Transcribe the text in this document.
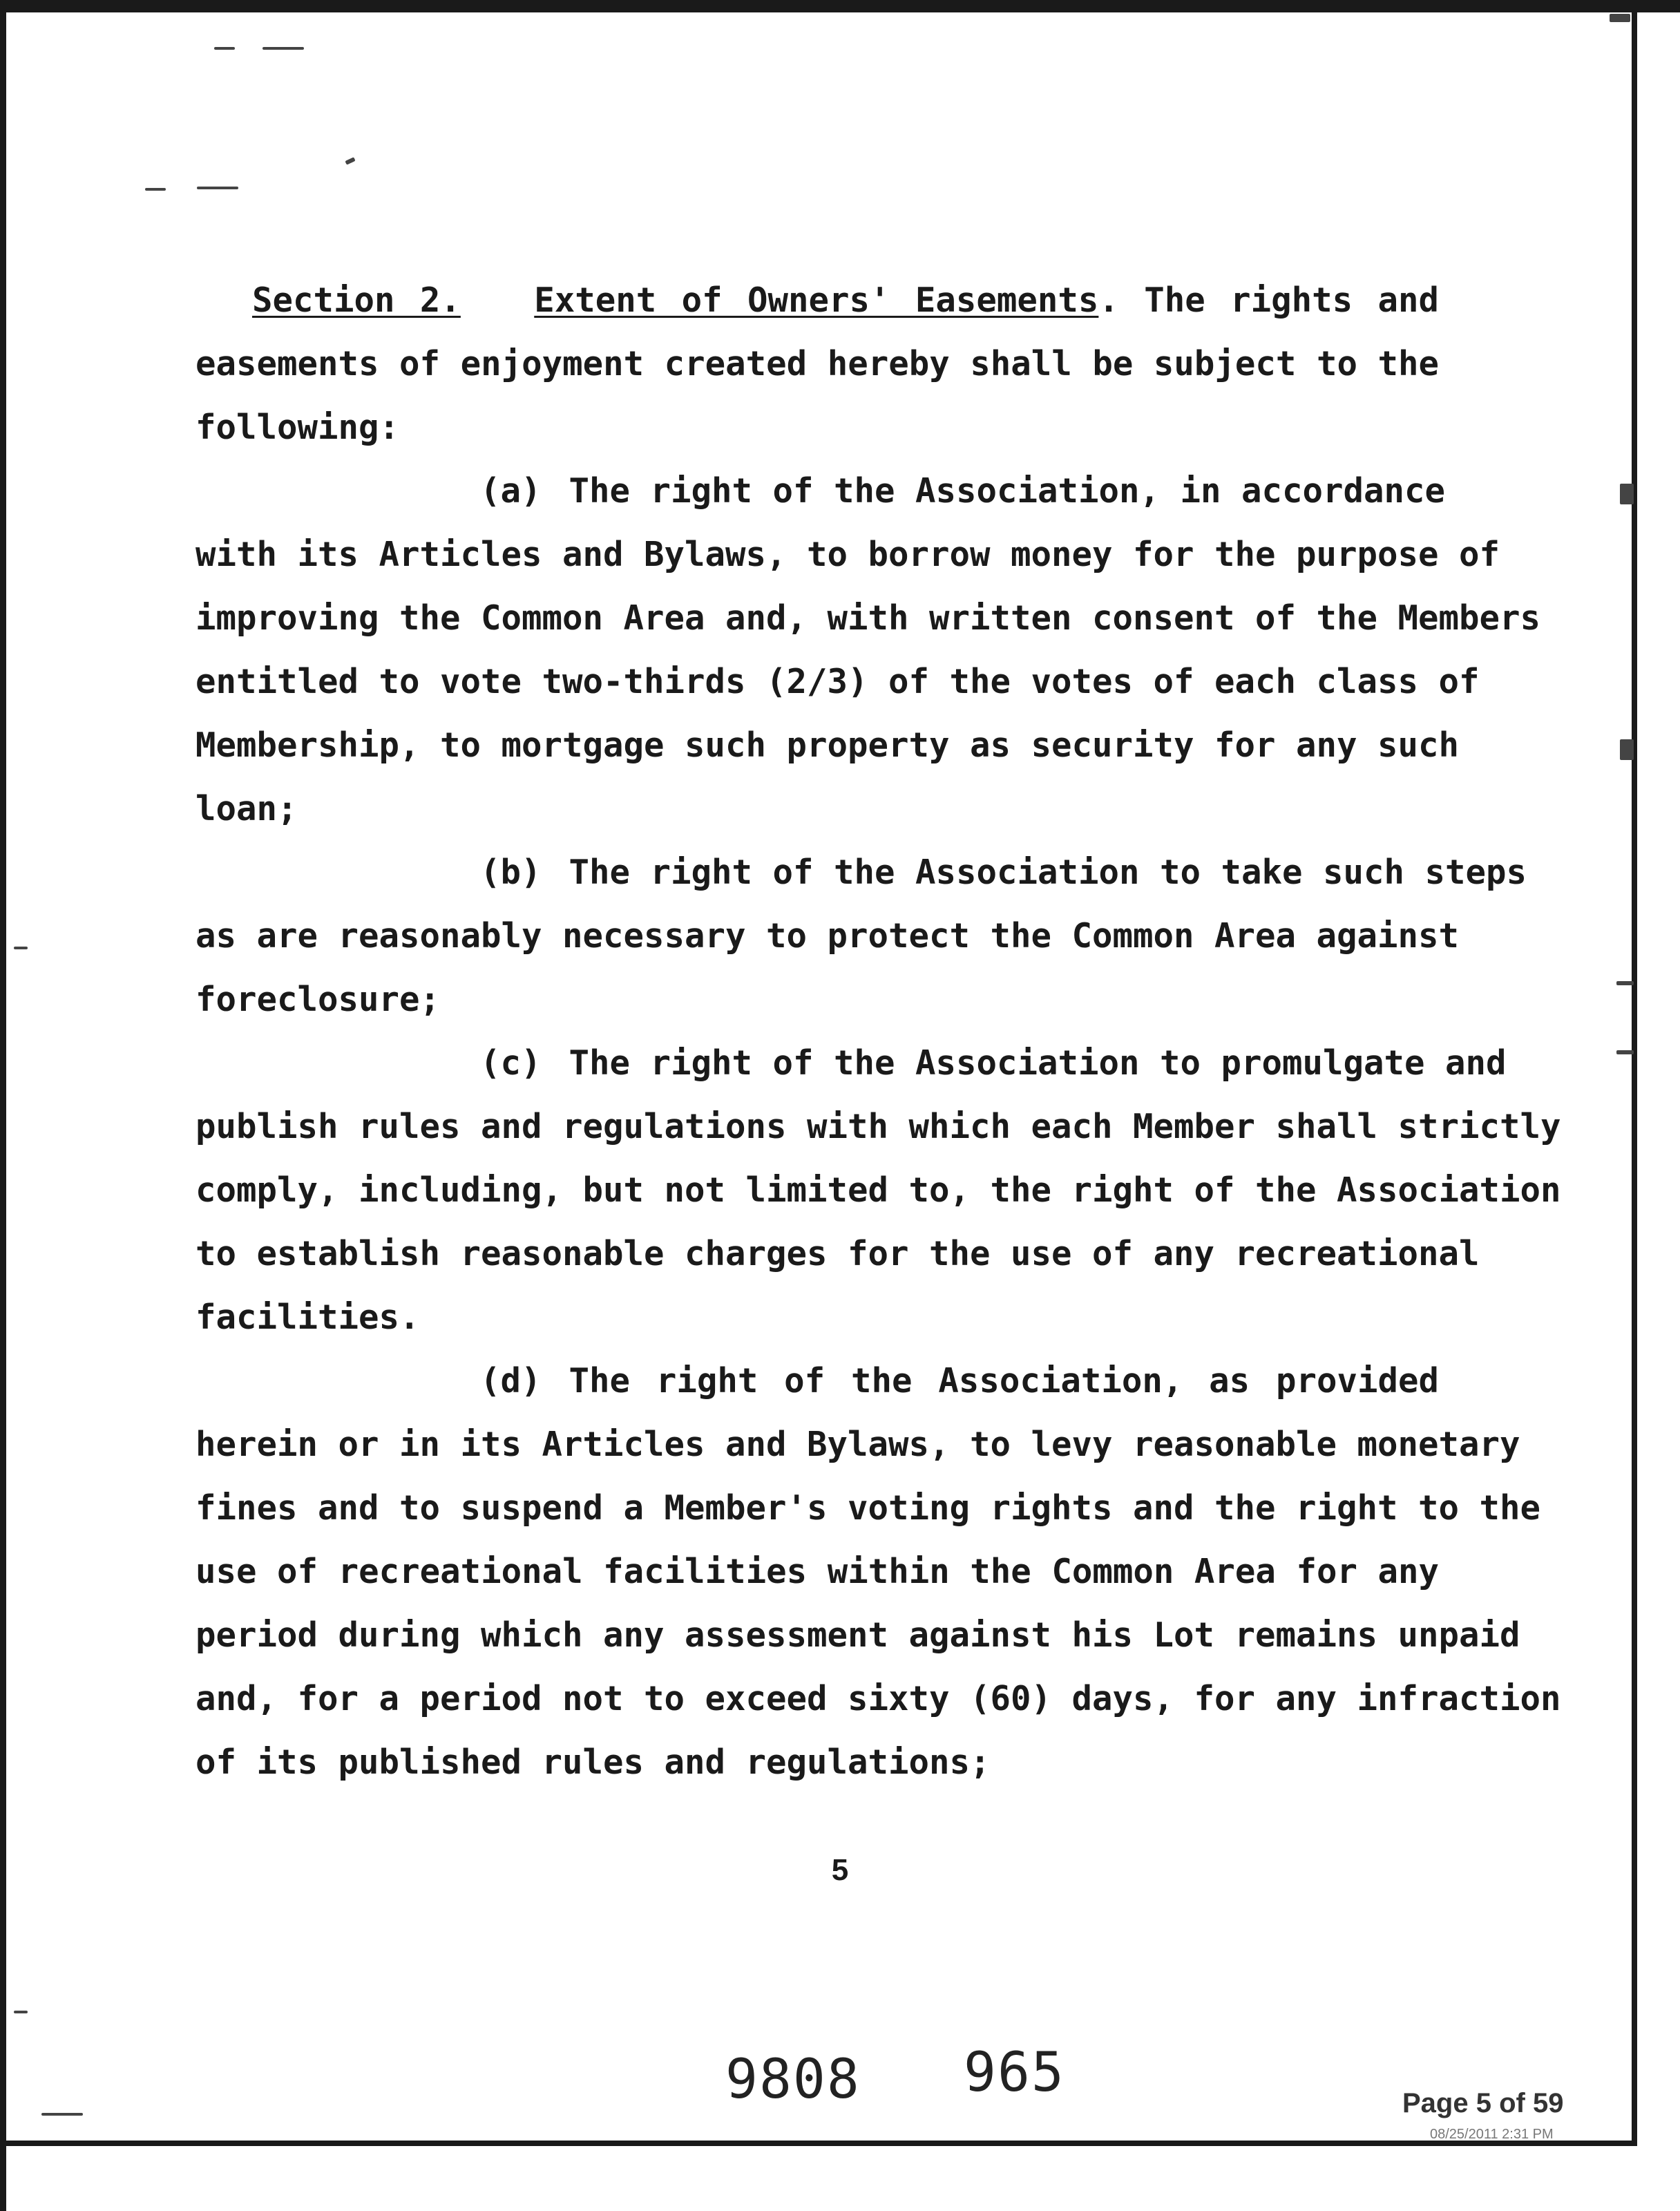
Section 2. Extent of Owners' Easements. The rights and
easements of enjoyment created hereby shall be subject to the
following:
(a) The right of the Association, in accordance
with its Articles and Bylaws, to borrow money for the purpose of
improving the Common Area and, with written consent of the Members
entitled to vote two-thirds (2/3) of the votes of each class of
Membership, to mortgage such property as security for any such
loan;
(b) The right of the Association to take such steps
as are reasonably necessary to protect the Common Area against
foreclosure;
(c) The right of the Association to promulgate and
publish rules and regulations with which each Member shall strictly
comply, including, but not limited to, the right of the Association
to establish reasonable charges for the use of any recreational
facilities.
(d) The right of the Association, as provided
herein or in its Articles and Bylaws, to levy reasonable monetary
fines and to suspend a Member's voting rights and the right to the
use of recreational facilities within the Common Area for any
period during which any assessment against his Lot remains unpaid
and, for a period not to exceed sixty (60) days, for any infraction
of its published rules and regulations;
5
9808 965	Page 5 of 59
08/25/2011 2:31 PM
